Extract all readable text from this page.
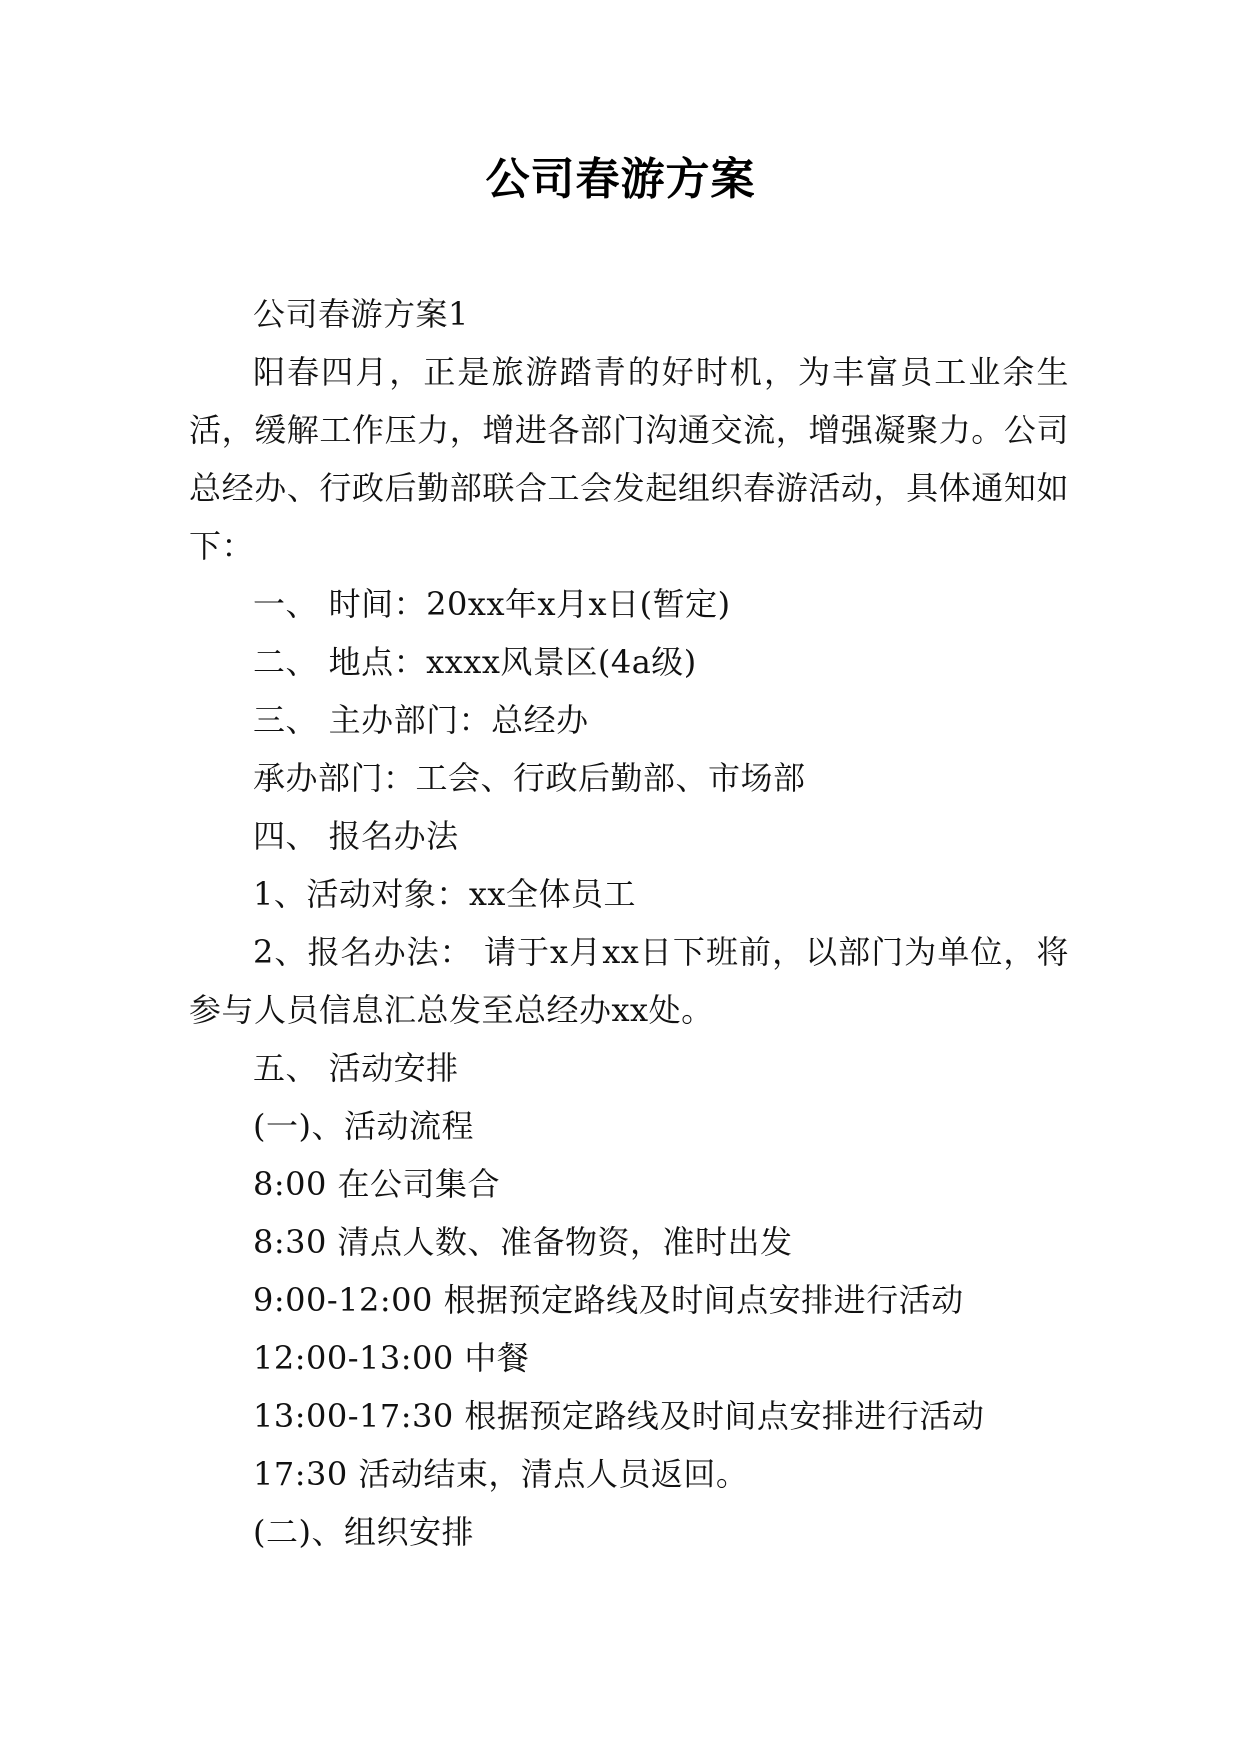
公司春游方案

公司春游方案1

阳春四月，正是旅游踏青的好时机，为丰富员工业余生活，缓解工作压力，增进各部门沟通交流，增强凝聚力。公司总经办、行政后勤部联合工会发起组织春游活动，具体通知如下：

一、 时间：20xx年x月x日(暂定)

二、 地点：xxxx风景区(4a级)

三、 主办部门：总经办

承办部门：工会、行政后勤部、市场部

四、 报名办法

1、活动对象：xx全体员工

2、报名办法： 请于x月xx日下班前，以部门为单位，将参与人员信息汇总发至总经办xx处。

五、 活动安排

(一)、活动流程

8:00 在公司集合

8:30 清点人数、准备物资，准时出发

9:00-12:00 根据预定路线及时间点安排进行活动

12:00-13:00 中餐

13:00-17:30 根据预定路线及时间点安排进行活动

17:30 活动结束，清点人员返回。

(二)、组织安排
